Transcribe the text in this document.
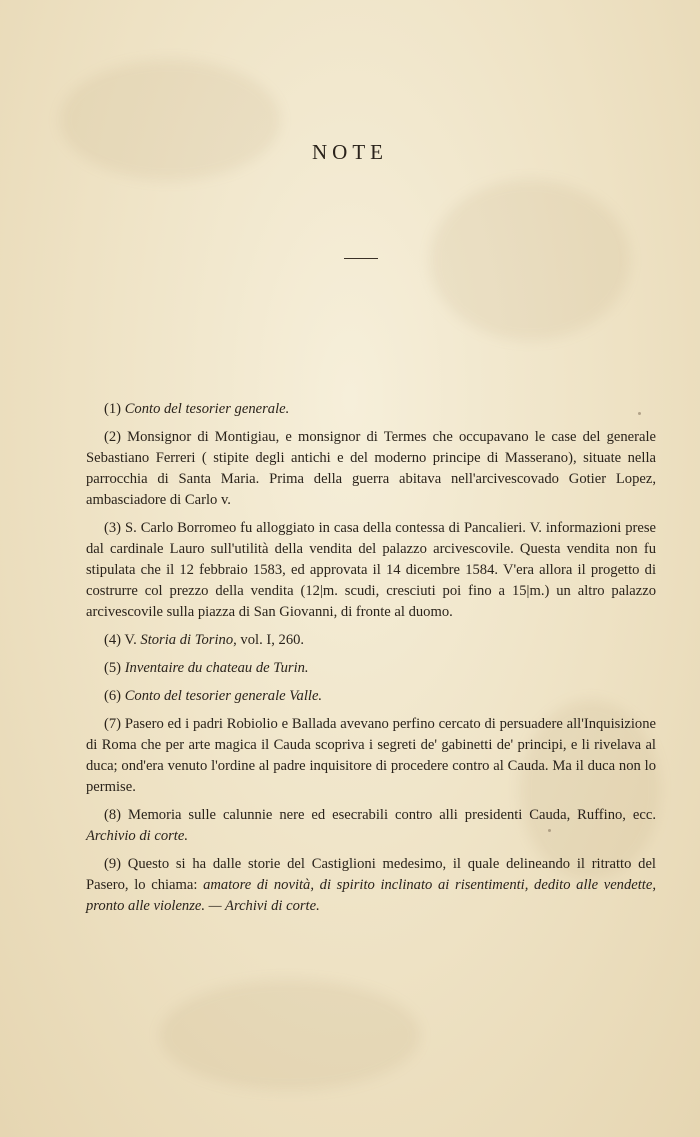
NOTE

(1) Conto del tesorier generale.

(2) Monsignor di Montigiau, e monsignor di Termes che occupavano le case del generale Sebastiano Ferreri ( stipite degli antichi e del moderno principe di Masserano), situate nella parrocchia di Santa Maria. Prima della guerra abitava nell'arcivescovado Gotier Lopez, ambasciadore di Carlo v.

(3) S. Carlo Borromeo fu alloggiato in casa della contessa di Pancalieri. V. informazioni prese dal cardinale Lauro sull'utilità della vendita del palazzo arcivescovile. Questa vendita non fu stipulata che il 12 febbraio 1583, ed approvata il 14 dicembre 1584. V'era allora il progetto di costrurre col prezzo della vendita (12|m. scudi, cresciuti poi fino a 15|m.) un altro palazzo arcivescovile sulla piazza di San Giovanni, di fronte al duomo.

(4) V. Storia di Torino, vol. I, 260.

(5) Inventaire du chateau de Turin.

(6) Conto del tesorier generale Valle.

(7) Pasero ed i padri Robiolio e Ballada avevano perfino cercato di persuadere all'Inquisizione di Roma che per arte magica il Cauda scopriva i segreti de' gabinetti de' principi, e li rivelava al duca; ond'era venuto l'ordine al padre inquisitore di procedere contro al Cauda. Ma il duca non lo permise.

(8) Memoria sulle calunnie nere ed esecrabili contro alli presidenti Cauda, Ruffino, ecc. Archivio di corte.

(9) Questo si ha dalle storie del Castiglioni medesimo, il quale delineando il ritratto del Pasero, lo chiama: amatore di novità, di spirito inclinato ai risentimenti, dedito alle vendette, pronto alle violenze. — Archivi di corte.
